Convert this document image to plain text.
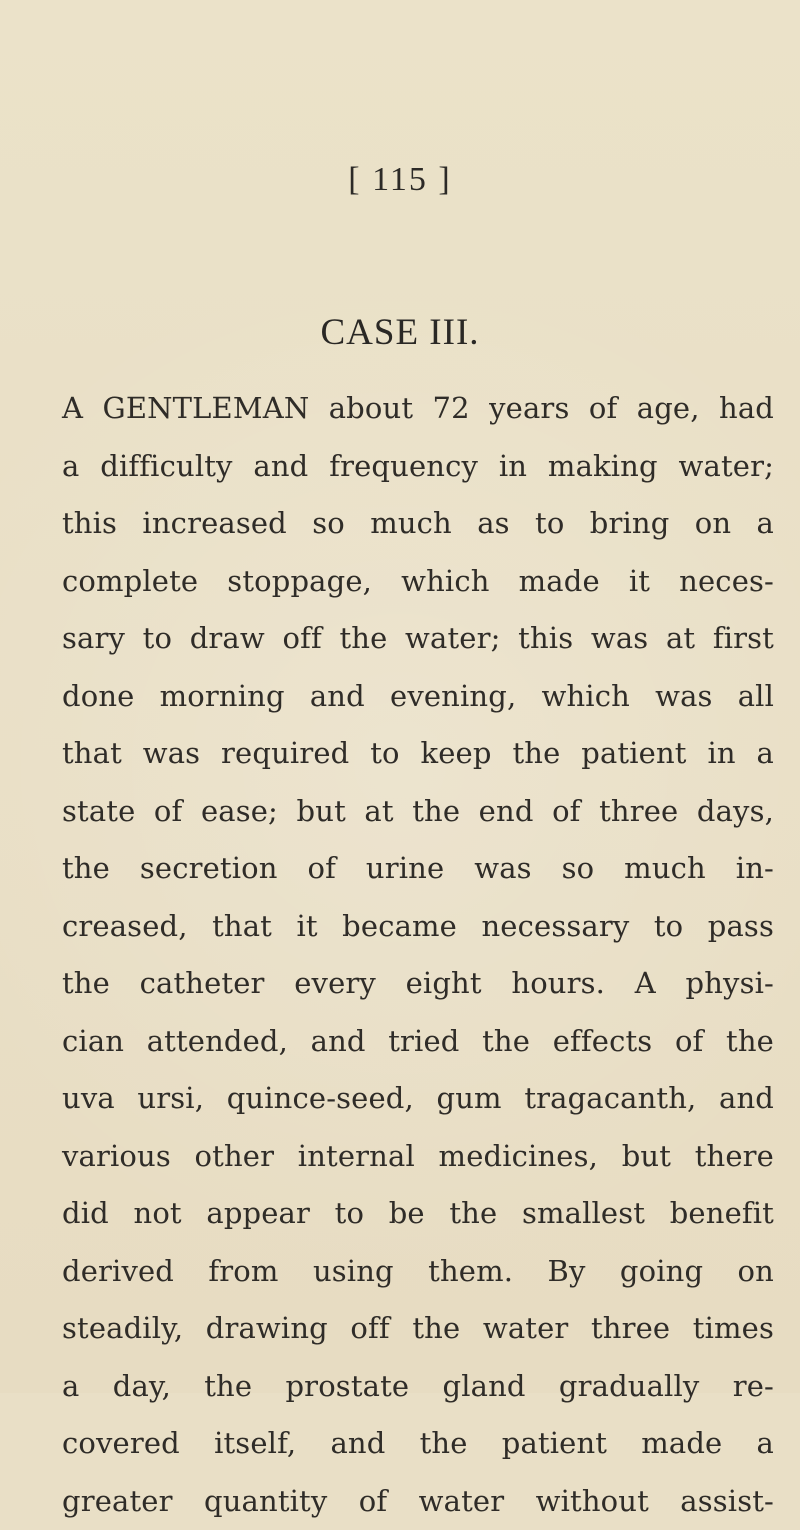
[ 115 ]
CASE III.
A GENTLEMAN about 72 years of age, had
a difficulty and frequency in making water;
this increased so much as to bring on a
complete stoppage, which made it neces-
sary to draw off the water; this was at first
done morning and evening, which was all
that was required to keep the patient in a
state of ease; but at the end of three days,
the secretion of urine was so much in-
creased, that it became necessary to pass
the catheter every eight hours. A physi-
cian attended, and tried the effects of the
uva ursi, quince-seed, gum tragacanth, and
various other internal medicines, but there
did not appear to be the smallest benefit
derived from using them. By going on
steadily, drawing off the water three times
a day, the prostate gland gradually re-
covered itself, and the patient made a
greater quantity of water without assist-
